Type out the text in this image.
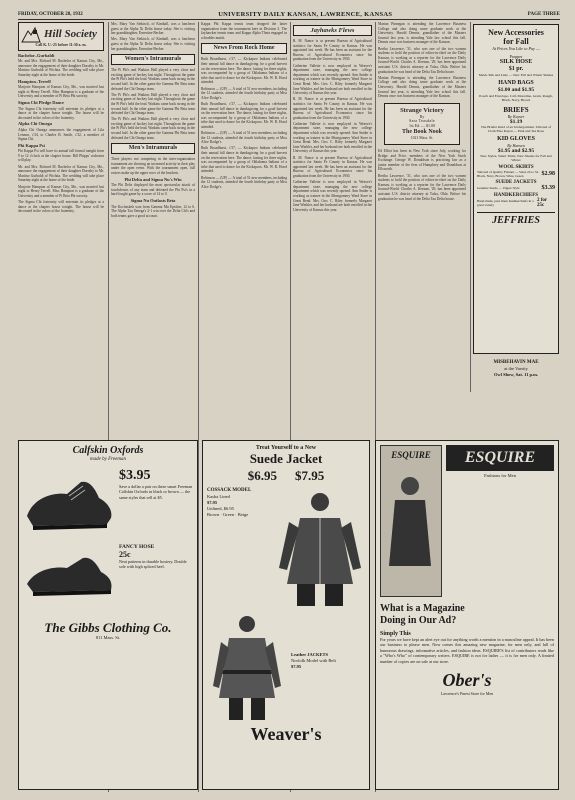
FRIDAY, OCTOBER 28, 1932	UNIVERSITY DAILY KANSAN, LAWRENCE, KANSAS	PAGE THREE
Hill Society
Call K. U.-25 before 11:30 a. m.
Bachelor–Gurbaldi

Mr. and Mrs. Richard M. Bachelor of Kansas City, Mo., announce the engagement of their daughter Dorothy to Mr. Martino Gurbaldi of Wichita. The wedding will take place Saturday night at the home of the bride.

Hampton–Terrell

Marjorie Hampton of Kansas City, Mo., was married last night to Henry Terrell. Miss Hampton is a graduate of the University and a member of Pi Beta Phi sorority.

Sigma Chi Pledge Dance

The Sigma Chi fraternity will entertain its pledges at a dance at the chapter house tonight. The house will be decorated in the colors of the fraternity.

Alpha Chi Omega

Alpha Chi Omega announces the engagement of Lila Lennon, c'34, to Charles B. Smith, c'32, a member of Sigma Chi.

Phi Kappa Psi

Phi Kappa Psi will have its annual fall formal tonight from 9 to 12 o'clock at the chapter house. Bill Phipps' orchestra will play.

Mr. and Mrs. Richard M. Bachelor of Kansas City, Mo., announce the engagement of their daughter Dorothy to Mr. Martino Gurbaldi of Wichita. The wedding will take place Saturday night at the home of the bride.

Marjorie Hampton of Kansas City, Mo., was married last night to Henry Terrell. Miss Hampton is a graduate of the University and a member of Pi Beta Phi sorority.

The Sigma Chi fraternity will entertain its pledges at a dance at the chapter house tonight. The house will be decorated in the colors of the fraternity.

Mrs. Mary Van Siekisch, of Kimball, was a luncheon guest at the Alpha Xi Delta house today. She is visiting her granddaughter, Ernestine Becker.

Mrs. Mary Van Siekisch, of Kimball, was a luncheon guest at the Alpha Xi Delta house today. She is visiting her granddaughter, Ernestine Becker.

Women's Intramurals

The Pi Phi's and Watkins Hall played a very close and exciting game of hockey last night. Throughout the game the Pi Phi's held the lead. Watkins came back strong in the second half. In the other game the Gamma Phi Beta team defeated the Chi Omega team.

The Pi Phi's and Watkins Hall played a very close and exciting game of hockey last night. Throughout the game the Pi Phi's held the lead. Watkins came back strong in the second half. In the other game the Gamma Phi Beta team defeated the Chi Omega team.

The Pi Phi's and Watkins Hall played a very close and exciting game of hockey last night. Throughout the game the Pi Phi's held the lead. Watkins came back strong in the second half. In the other game the Gamma Phi Beta team defeated the Chi Omega team.

Men's Intramurals

Three players not competing in the inter-organization tournament are showing an increased activity in their play under the open event. With the tournament open, full rosters make up the upper rows of the brackets.

Phi Delta and Sigma Nu's Win

The Phi Delts displayed the most spectacular attack of touchdowns of any team and defeated the Phi Psi's in a hard fought game by a score of 14 to 0.

Sigma Nu Outlasts Beta

The Kochaskeh won from Gamma Mu Epsilon, 12 to 6. The Alpha Tau Omega's 2-1 win over the Delta Chi's and both teams gave a good account.

Kappa Phi Kappa tennis team dropped the latter organization from the tournament here in Division 3. The Jayhawker tennis team and Kappa Alpha Theta engaged in a doubles match.

News From Rock Home

Ruth Broadhurst, c'37, — Kickapoo Indians celebrated their annual fall dance in thanksgiving for a good harvest on the reservation here. The dance, lasting for three nights, was accompanied by a group of Oklahoma Indians of a tribe that used to dance for the Kickapoos. Mr. W. R. Hood attended.

Robinson — (UP) — A total of 51 new members, including the 12 students, attended the fourth birthday party at Miss Alice Dodge's.

Ruth Broadhurst, c'37, — Kickapoo Indians celebrated their annual fall dance in thanksgiving for a good harvest on the reservation here. The dance, lasting for three nights, was accompanied by a group of Oklahoma Indians of a tribe that used to dance for the Kickapoos. Mr. W. R. Hood attended.

Robinson — (UP) — A total of 51 new members, including the 12 students, attended the fourth birthday party at Miss Alice Dodge's.

Ruth Broadhurst, c'37, — Kickapoo Indians celebrated their annual fall dance in thanksgiving for a good harvest on the reservation here. The dance, lasting for three nights, was accompanied by a group of Oklahoma Indians of a tribe that used to dance for the Kickapoos. Mr. W. R. Hood attended.

Robinson — (UP) — A total of 51 new members, including the 12 students, attended the fourth birthday party at Miss Alice Dodge's.

Jayhawks Flews

R. M. Nance is at present Bureau of Agricultural statistics for Santa Fe County in Kansas. He was appointed last week. He has been an assistant for the Bureau of Agricultural Economics since his graduation from the University in 1930.

Catherine Vallette is now employed in Weaver's department store, managing the new college department which was recently opened. Ann Snider is working as trainee in the Montgomery Ward Store in Great Bend. Mrs. Geo. C. Riley formerly Margaret Jane Winkler, and her husband are both enrolled in the University of Kansas this year.

R. M. Nance is at present Bureau of Agricultural statistics for Santa Fe County in Kansas. He was appointed last week. He has been an assistant for the Bureau of Agricultural Economics since his graduation from the University in 1930.

Catherine Vallette is now employed in Weaver's department store, managing the new college department which was recently opened. Ann Snider is working as trainee in the Montgomery Ward Store in Great Bend. Mrs. Geo. C. Riley formerly Margaret Jane Winkler, and her husband are both enrolled in the University of Kansas this year.

R. M. Nance is at present Bureau of Agricultural statistics for Santa Fe County in Kansas. He was appointed last week. He has been an assistant for the Bureau of Agricultural Economics since his graduation from the University in 1930.

Catherine Vallette is now employed in Weaver's department store, managing the new college department which was recently opened. Ann Snider is working as trainee in the Montgomery Ward Store in Great Bend. Mrs. Geo. C. Riley formerly Margaret Jane Winkler, and her husband are both enrolled in the University of Kansas this year.

Marian Pinnegan is attending the Lawrence Business College and also doing some graduate work at the University. Harold Dennis, grandfather of the Masters Journal last year, is attending Yale law school this fall. Dennis once was business manager of the Kansan.

Bertha Lawrence, '31, who was one of the two women students to hold the position of editor-in-chief on the Daily Kansan, is working as a reporter for the Lawrence Daily Journal-World. Charles A. Keenan, '29, has been appointed assistant U.S. district attorney at Tulsa, Okla. Before his graduation he was head of the Delta Tau Delta house.

Marian Pinnegan is attending the Lawrence Business College and also doing some graduate work at the University. Harold Dennis, grandfather of the Masters Journal last year, is attending Yale law school this fall. Dennis once was business manager of the Kansan.

Strange Victory
By
Sara Teasdale
1st Ed. — $1.00
The Book Nook
1021 Mass. St.

Ed Elliot has been in New York since July, working for Bridge and Price, members of the New York Stock Exchange. George W. Donaldson is practicing law as a junior member of the firm of Humphrey and Donaldson at Ellsworth.

Bertha Lawrence, '31, who was one of the two women students to hold the position of editor-in-chief on the Daily Kansan, is working as a reporter for the Lawrence Daily Journal-World. Charles A. Keenan, '29, has been appointed assistant U.S. district attorney at Tulsa, Okla. Before his graduation he was head of the Delta Tau Delta house.

New Accessories
for Fall
At Prices You Like to Pay —
Propper
SILK HOSE
$1 pr.
Mesh, Silk and Lisle — New Fall and Winter Shades
HAND BAGS
$1.00 and $1.95
Pouch and Envelope, Calf, Moredine, Grain, Rough, Black, Navy, Brown
BRIEFS
By Kayser
$1.19
The Briefer Kind of an Undergarment. Tailored of Cloth Fine Rayon — Pink and Tea Rose
KID GLOVES
By Hansen
$1.95 and $2.95
New Styles, Smart Trims, New Shades for Fall and Winter
WOOL SKIRTS
Tailored of Quality Flannel — Sizes 24 to 32. Black, Navy, Brown, Wine, Green	$2.98
SUEDE JACKETS
Genuine Suede — Zipper Style	$3.39
HANDKERCHIEFS
Hand made, pure linen handkerchiefs in a great variety
2 for 25c
JEFFRIES
MISBEHAVIN MAE
at the Varsity
Owl Show, Sat. 11 p.m.
Calfskin Oxfords
made by Freeman
$3.95
Save a dollar a pair on these smart Freeman Calfskin Oxfords in black or brown — the same styles that sell at $5.
FANCY HOSE
25c
Neat patterns in durable hosiery. Double sole with high spliced heel.
The Gibbs Clothing Co.
811 Mass. St.
Treat Yourself to a New
Suede Jacket
$6.95 $7.95
COSSACK MODEL
Kasha Lined
$7.95
Unlined, $6.95
Brown · Green · Beige
Leather JACKETS
Norfolk Model with Belt
$7.95
Weaver's
ESQUIRE	ESQUIRE
Fashions for Men
What is a Magazine
Doing in Our Ad?
Simply This
For years we have kept an alert eye out for anything worth a mention in a masculine appeal. It has been our business to please men. Now comes this amazing new magazine, for men only, and full of humorous drawings, informative articles, and fashion ideas. ESQUIRE'S list of contributors reads like a "Who's Who" of contemporary writers. ESQUIRE is not for ladies — it is for men only. A limited number of copies are on sale at our store.
Ober's
Lawrence's Finest Store for Men
